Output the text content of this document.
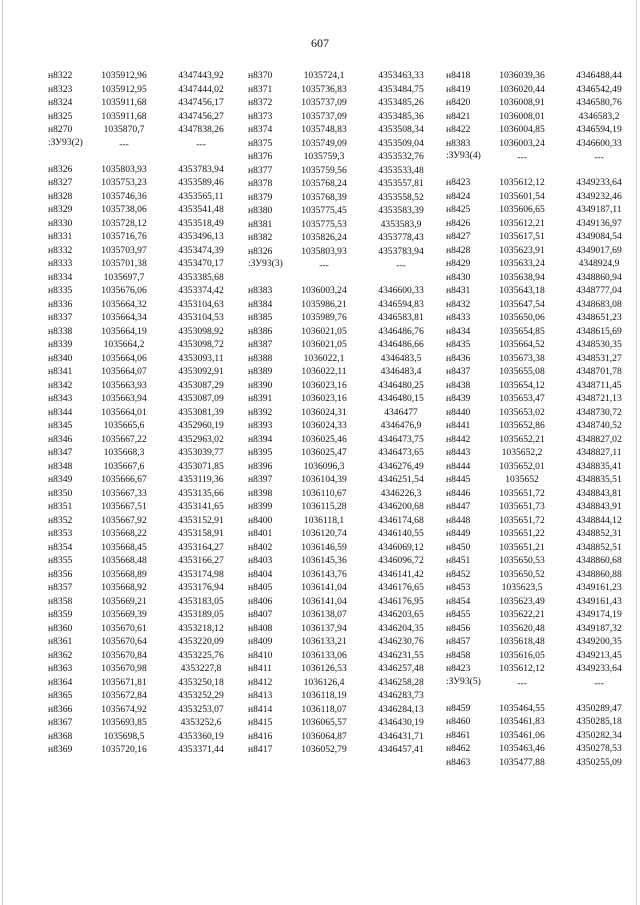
607
н8322	1035912,96	4347443,92
н8323	1035912,95	4347444,02
н8324	1035911,68	4347456,17
н8325	1035911,68	4347456,27
н8270	1035870,7	4347838,26
:ЗУ93(2)	---	---
н8326	1035803,93	4353783,94
н8327	1035753,23	4353589,46
н8328	1035746,36	4353565,11
н8329	1035738,06	4353541,48
н8330	1035728,12	4353518,49
н8331	1035716,76	4353496,13
н8332	1035703,97	4353474,39
н8333	1035701,38	4353470,17
н8334	1035697,7	4353385,68
н8335	1035676,06	4353374,42
н8336	1035664,32	4353104,63
н8337	1035664,34	4353104,53
н8338	1035664,19	4353098,92
н8339	1035664,2	4353098,72
н8340	1035664,06	4353093,11
н8341	1035664,07	4353092,91
н8342	1035663,93	4353087,29
н8343	1035663,94	4353087,09
н8344	1035664,01	4353081,39
н8345	1035665,6	4352960,19
н8346	1035667,22	4352963,02
н8347	1035668,3	4353039,77
н8348	1035667,6	4353071,85
н8349	1035666,67	4353119,36
н8350	1035667,33	4353135,66
н8351	1035667,51	4353141,65
н8352	1035667,92	4353152,91
н8353	1035668,22	4353158,91
н8354	1035668,45	4353164,27
н8355	1035668,48	4353166,27
н8356	1035668,89	4353174,98
н8357	1035668,92	4353176,94
н8358	1035669,21	4353183,05
н8359	1035669,39	4353189,05
н8360	1035670,61	4353218,12
н8361	1035670,64	4353220,09
н8362	1035670,84	4353225,76
н8363	1035670,98	4353227,8
н8364	1035671,81	4353250,18
н8365	1035672,84	4353252,29
н8366	1035674,92	4353253,07
н8367	1035693,85	4353252,6
н8368	1035698,5	4353360,19
н8369	1035720,16	4353371,44
н8370	1035724,1	4353463,33
н8371	1035736,83	4353484,75
н8372	1035737,09	4353485,26
н8373	1035737,09	4353485,36
н8374	1035748,83	4353508,34
н8375	1035749,09	4353509,04
н8376	1035759,3	4353532,76
н8377	1035759,56	4353533,48
н8378	1035768,24	4353557,81
н8379	1035768,39	4353558,52
н8380	1035775,45	4353583,39
н8381	1035775,53	4353583,9
н8382	1035826,24	4353778,43
н8326	1035803,93	4353783,94
:ЗУ93(3)	---	---
н8383	1036003,24	4346600,33
н8384	1035986,21	4346594,83
н8385	1035989,76	4346583,81
н8386	1036021,05	4346486,76
н8387	1036021,05	4346486,66
н8388	1036022,1	4346483,5
н8389	1036022,11	4346483,4
н8390	1036023,16	4346480,25
н8391	1036023,16	4346480,15
н8392	1036024,31	4346477
н8393	1036024,33	4346476,9
н8394	1036025,46	4346473,75
н8395	1036025,47	4346473,65
н8396	1036096,3	4346276,49
н8397	1036104,39	4346251,54
н8398	1036110,67	4346226,3
н8399	1036115,28	4346200,68
н8400	1036118,1	4346174,68
н8401	1036120,74	4346140,55
н8402	1036146,59	4346069,12
н8403	1036145,36	4346096,72
н8404	1036143,76	4346141,42
н8405	1036141,04	4346176,65
н8406	1036141,04	4346176,95
н8407	1036138,07	4346203,65
н8408	1036137,94	4346204,35
н8409	1036133,21	4346230,76
н8410	1036133,06	4346231,55
н8411	1036126,53	4346257,48
н8412	1036126,4	4346258,28
н8413	1036118,19	4346283,73
н8414	1036118,07	4346284,13
н8415	1036065,57	4346430,19
н8416	1036064,87	4346431,71
н8417	1036052,79	4346457,41
н8418	1036039,36	4346488,44
н8419	1036020,44	4346542,49
н8420	1036008,91	4346580,76
н8421	1036008,01	4346583,2
н8422	1036004,85	4346594,19
н8383	1036003,24	4346600,33
:ЗУ93(4)	---	---
н8423	1035612,12	4349233,64
н8424	1035601,54	4349232,46
н8425	1035606,65	4349187,11
н8426	1035612,21	4349136,97
н8427	1035617,51	4349084,54
н8428	1035623,91	4349017,69
н8429	1035633,24	4348924,9
н8430	1035638,94	4348860,94
н8431	1035643,18	4348777,04
н8432	1035647,54	4348683,08
н8433	1035650,06	4348651,23
н8434	1035654,85	4348615,69
н8435	1035664,52	4348530,35
н8436	1035673,38	4348531,27
н8437	1035655,08	4348701,78
н8438	1035654,12	4348711,45
н8439	1035653,47	4348721,13
н8440	1035653,02	4348730,72
н8441	1035652,86	4348740,52
н8442	1035652,21	4348827,02
н8443	1035652,2	4348827,11
н8444	1035652,01	4348835,41
н8445	1035652	4348835,51
н8446	1035651,72	4348843,81
н8447	1035651,73	4348843,91
н8448	1035651,72	4348844,12
н8449	1035651,22	4348852,31
н8450	1035651,21	4348852,51
н8451	1035650,53	4348860,68
н8452	1035650,52	4348860,88
н8453	1035623,5	4349161,23
н8454	1035623,49	4349161,43
н8455	1035622,21	4349174,19
н8456	1035620,48	4349187,32
н8457	1035618,48	4349200,35
н8458	1035616,05	4349213,45
н8423	1035612,12	4349233,64
:ЗУ93(5)	---	---
н8459	1035464,55	4350289,47
н8460	1035461,83	4350285,18
н8461	1035461,06	4350282,34
н8462	1035463,46	4350278,53
н8463	1035477,88	4350255,09
